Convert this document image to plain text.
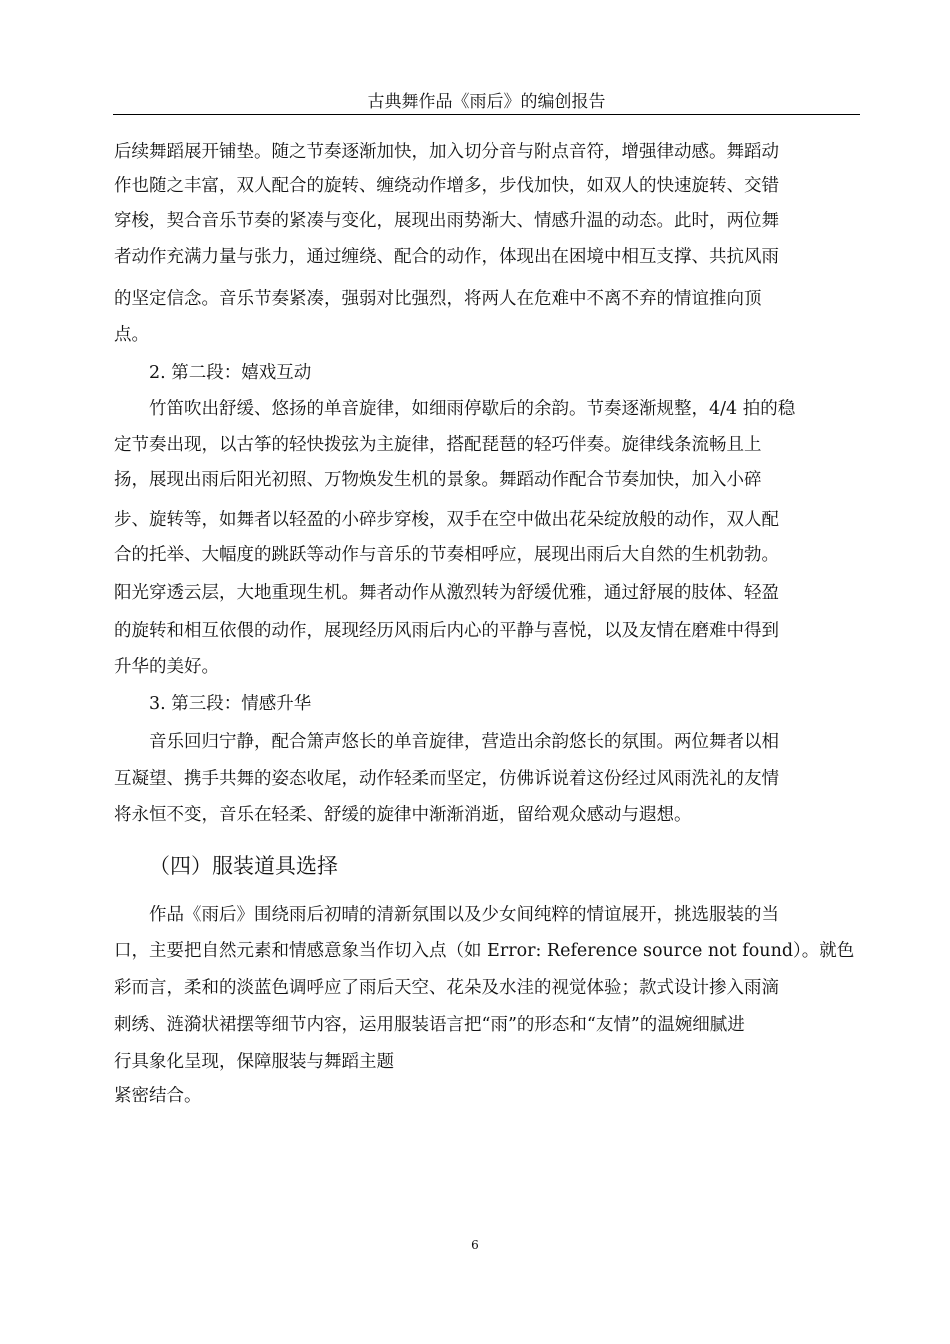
古典舞作品《雨后》的编创报告
后续舞蹈展开铺垫。随之节奏逐渐加快，加入切分音与附点音符，增强律动感。舞蹈动
作也随之丰富，双人配合的旋转、缠绕动作增多，步伐加快，如双人的快速旋转、交错
穿梭，契合音乐节奏的紧凑与变化，展现出雨势渐大、情感升温的动态。此时，两位舞
者动作充满力量与张力，通过缠绕、配合的动作，体现出在困境中相互支撑、共抗风雨
的坚定信念。音乐节奏紧凑，强弱对比强烈，将两人在危难中不离不弃的情谊推向顶
点。
2. 第二段：嬉戏互动
竹笛吹出舒缓、悠扬的单音旋律，如细雨停歇后的余韵。节奏逐渐规整，4/4 拍的稳
定节奏出现，以古筝的轻快拨弦为主旋律，搭配琵琶的轻巧伴奏。旋律线条流畅且上
扬，展现出雨后阳光初照、万物焕发生机的景象。舞蹈动作配合节奏加快，加入小碎
步、旋转等，如舞者以轻盈的小碎步穿梭，双手在空中做出花朵绽放般的动作，双人配
合的托举、大幅度的跳跃等动作与音乐的节奏相呼应，展现出雨后大自然的生机勃勃。
阳光穿透云层，大地重现生机。舞者动作从激烈转为舒缓优雅，通过舒展的肢体、轻盈
的旋转和相互依偎的动作，展现经历风雨后内心的平静与喜悦，以及友情在磨难中得到
升华的美好。
3. 第三段：情感升华
音乐回归宁静，配合箫声悠长的单音旋律，营造出余韵悠长的氛围。两位舞者以相
互凝望、携手共舞的姿态收尾，动作轻柔而坚定，仿佛诉说着这份经过风雨洗礼的友情
将永恒不变，音乐在轻柔、舒缓的旋律中渐渐消逝，留给观众感动与遐想。
（四）服装道具选择
作品《雨后》围绕雨后初晴的清新氛围以及少女间纯粹的情谊展开，挑选服装的当
口，主要把自然元素和情感意象当作切入点（如 Error: Reference source not found）。就色
彩而言，柔和的淡蓝色调呼应了雨后天空、花朵及水洼的视觉体验；款式设计掺入雨滴
刺绣、涟漪状裙摆等细节内容，运用服装语言把“雨”的形态和“友情”的温婉细腻进
行具象化呈现，保障服装与舞蹈主题
紧密结合。
6
